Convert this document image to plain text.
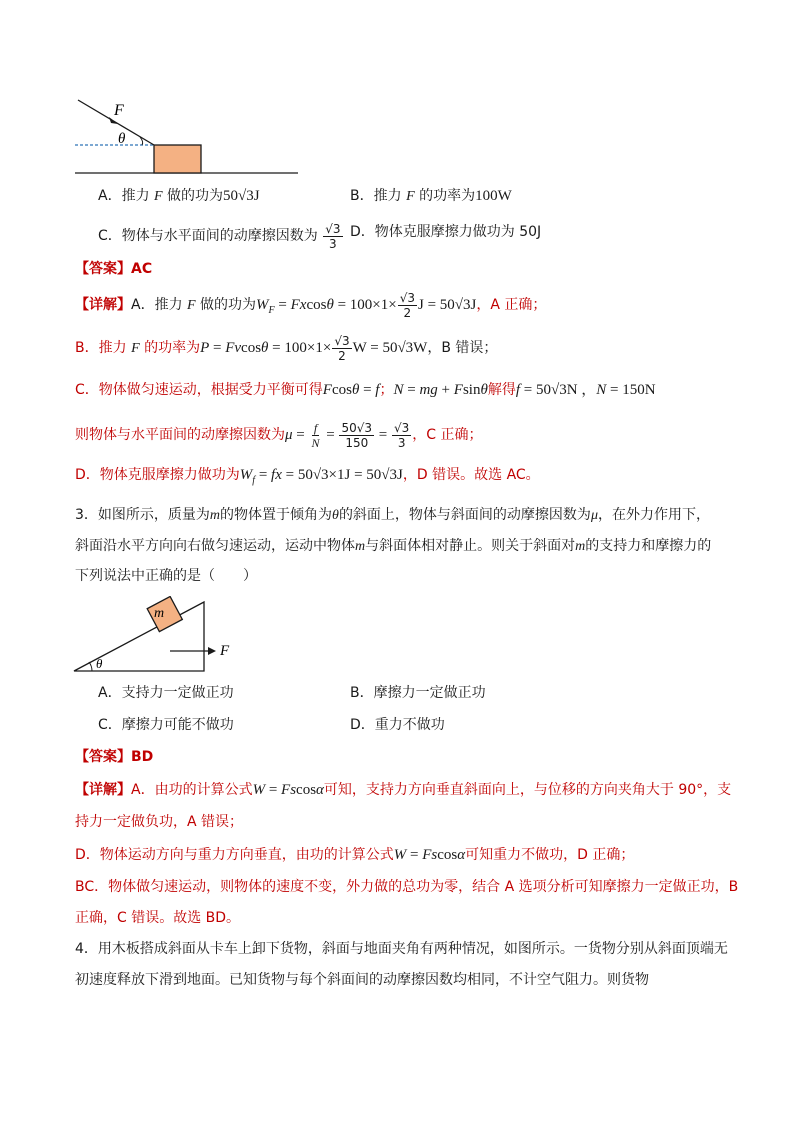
F
θ
A．推力 F 做的功为50√3J	B．推力 F 的功率为100W
C．物体与水平面间的动摩擦因数为 $\frac{√3}{3}$ D．物体克服摩擦力做功为 50J
【答案】AC
【详解】A．推力 F 做的功为$W_F = Fxcos\theta = 100\times 1\times \frac{√3}{2}$ J = 50√3J，A 正确；
B．推力 F 的功率为$P = Fvcos\theta = 100\times 1\times \frac{√3}{2}$ W = 50√3W，B 错误；
C．物体做匀速运动，根据受力平衡可得Fcosθ = f；N = mg + Fsinθ解得f = 50√3N ，N = 150N
则物体与水平面间的动摩擦因数为$\mu = \frac{f}{N} = \frac{50√3}{150} = \frac{√3}{3}$ ，C 正确；
D．物体克服摩擦力做功为$W_f$ = fx = 50√3×1J = 50√3J，D 错误。故选 AC。
3．如图所示，质量为m的物体置于倾角为θ的斜面上，物体与斜面间的动摩擦因数为μ，在外力作用下，
斜面沿水平方向向右做匀速运动，运动中物体m与斜面体相对静止。则关于斜面对m的支持力和摩擦力的
下列说法中正确的是（　　）
m
F
θ
A．支持力一定做正功	B．摩擦力一定做正功
C．摩擦力可能不做功	D．重力不做功
【答案】BD
【详解】A．由功的计算公式W = Fscosα可知，支持力方向垂直斜面向上，与位移的方向夹角大于 90°，支
持力一定做负功，A 错误；
D．物体运动方向与重力方向垂直，由功的计算公式W = Fscosα可知重力不做功，D 正确；
BC．物体做匀速运动，则物体的速度不变，外力做的总功为零，结合 A 选项分析可知摩擦力一定做正功，B
正确，C 错误。故选 BD。
4．用木板搭成斜面从卡车上卸下货物，斜面与地面夹角有两种情况，如图所示。一货物分别从斜面顶端无
初速度释放下滑到地面。已知货物与每个斜面间的动摩擦因数均相同，不计空气阻力。则货物
